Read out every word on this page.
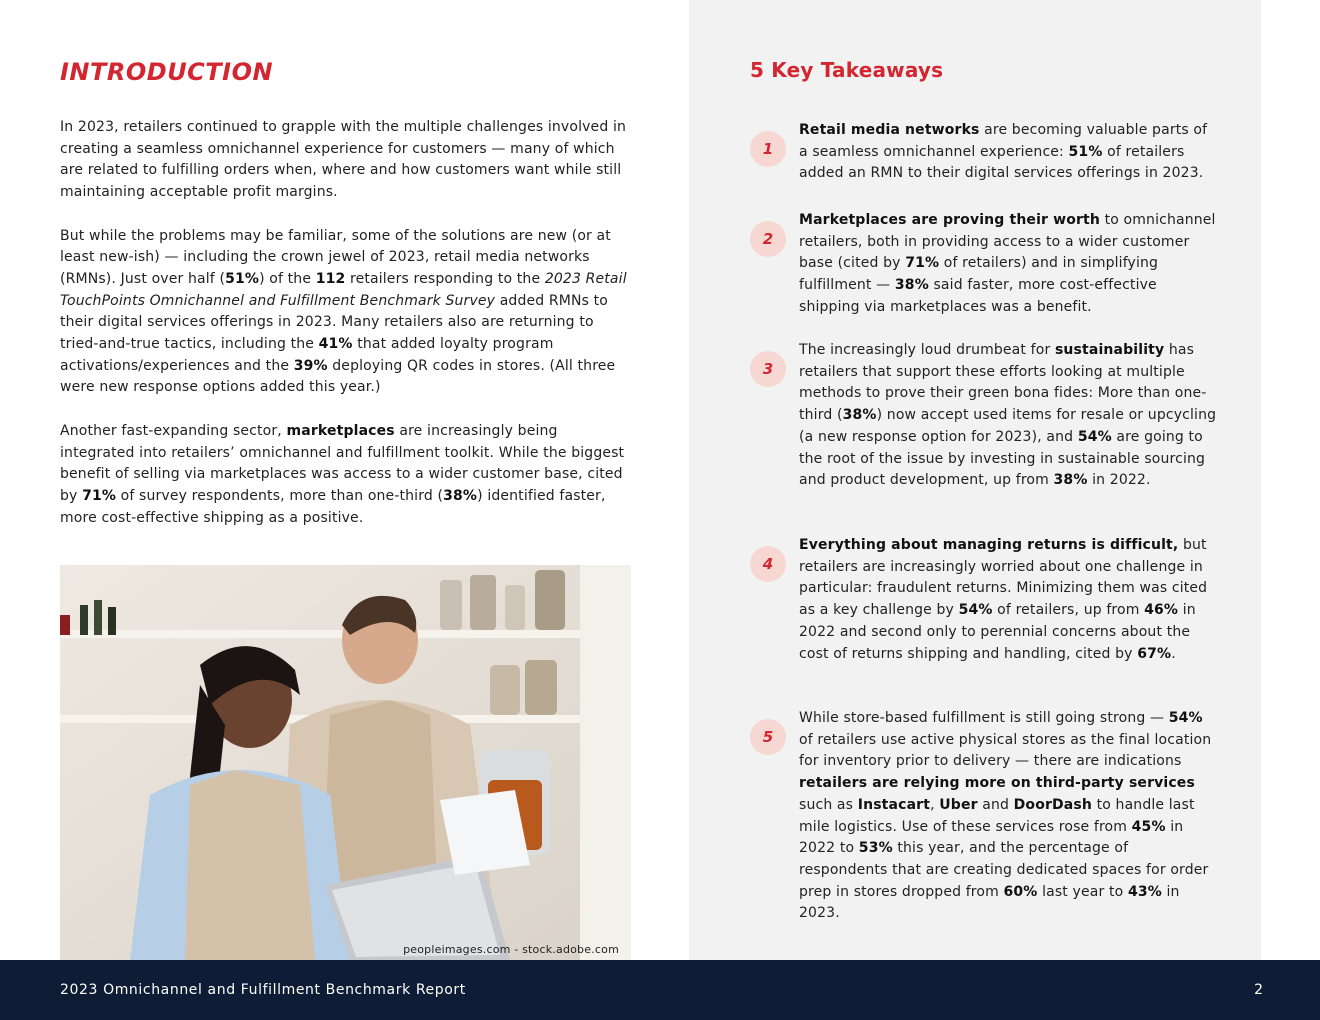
INTRODUCTION

In 2023, retailers continued to grapple with the multiple challenges involved in creating a seamless omnichannel experience for customers — many of which are related to fulfilling orders when, where and how customers want while still maintaining acceptable profit margins.

But while the problems may be familiar, some of the solutions are new (or at least new-ish) — including the crown jewel of 2023, retail media networks (RMNs). Just over half (51%) of the 112 retailers responding to the 2023 Retail TouchPoints Omnichannel and Fulfillment Benchmark Survey added RMNs to their digital services offerings in 2023. Many retailers also are returning to tried-and-true tactics, including the 41% that added loyalty program activations/experiences and the 39% deploying QR codes in stores. (All three were new response options added this year.)

Another fast-expanding sector, marketplaces are increasingly being integrated into retailers’ omnichannel and fulfillment toolkit. While the biggest benefit of selling via marketplaces was access to a wider customer base, cited by 71% of survey respondents, more than one-third (38%) identified faster, more cost-effective shipping as a positive.

peopleimages.com - stock.adobe.com
5 Key Takeaways
1
Retail media networks are becoming valuable parts of a seamless omnichannel experience: 51% of retailers added an RMN to their digital services offerings in 2023.
2
Marketplaces are proving their worth to omnichannel retailers, both in providing access to a wider customer base (cited by 71% of retailers) and in simplifying fulfillment — 38% said faster, more cost-effective shipping via marketplaces was a benefit.
3
The increasingly loud drumbeat for sustainability has retailers that support these efforts looking at multiple methods to prove their green bona fides: More than one-third (38%) now accept used items for resale or upcycling (a new response option for 2023), and 54% are going to the root of the issue by investing in sustainable sourcing and product development, up from 38% in 2022.
4
Everything about managing returns is difficult, but retailers are increasingly worried about one challenge in particular: fraudulent returns. Minimizing them was cited as a key challenge by 54% of retailers, up from 46% in 2022 and second only to perennial concerns about the cost of returns shipping and handling, cited by 67%.
5
While store-based fulfillment is still going strong — 54% of retailers use active physical stores as the final location for inventory prior to delivery — there are indications retailers are relying more on third-party services such as Instacart, Uber and DoorDash to handle last mile logistics. Use of these services rose from 45% in 2022 to 53% this year, and the percentage of respondents that are creating dedicated spaces for order prep in stores dropped from 60% last year to 43% in 2023.
2023 Omnichannel and Fulfillment Benchmark Report	2
